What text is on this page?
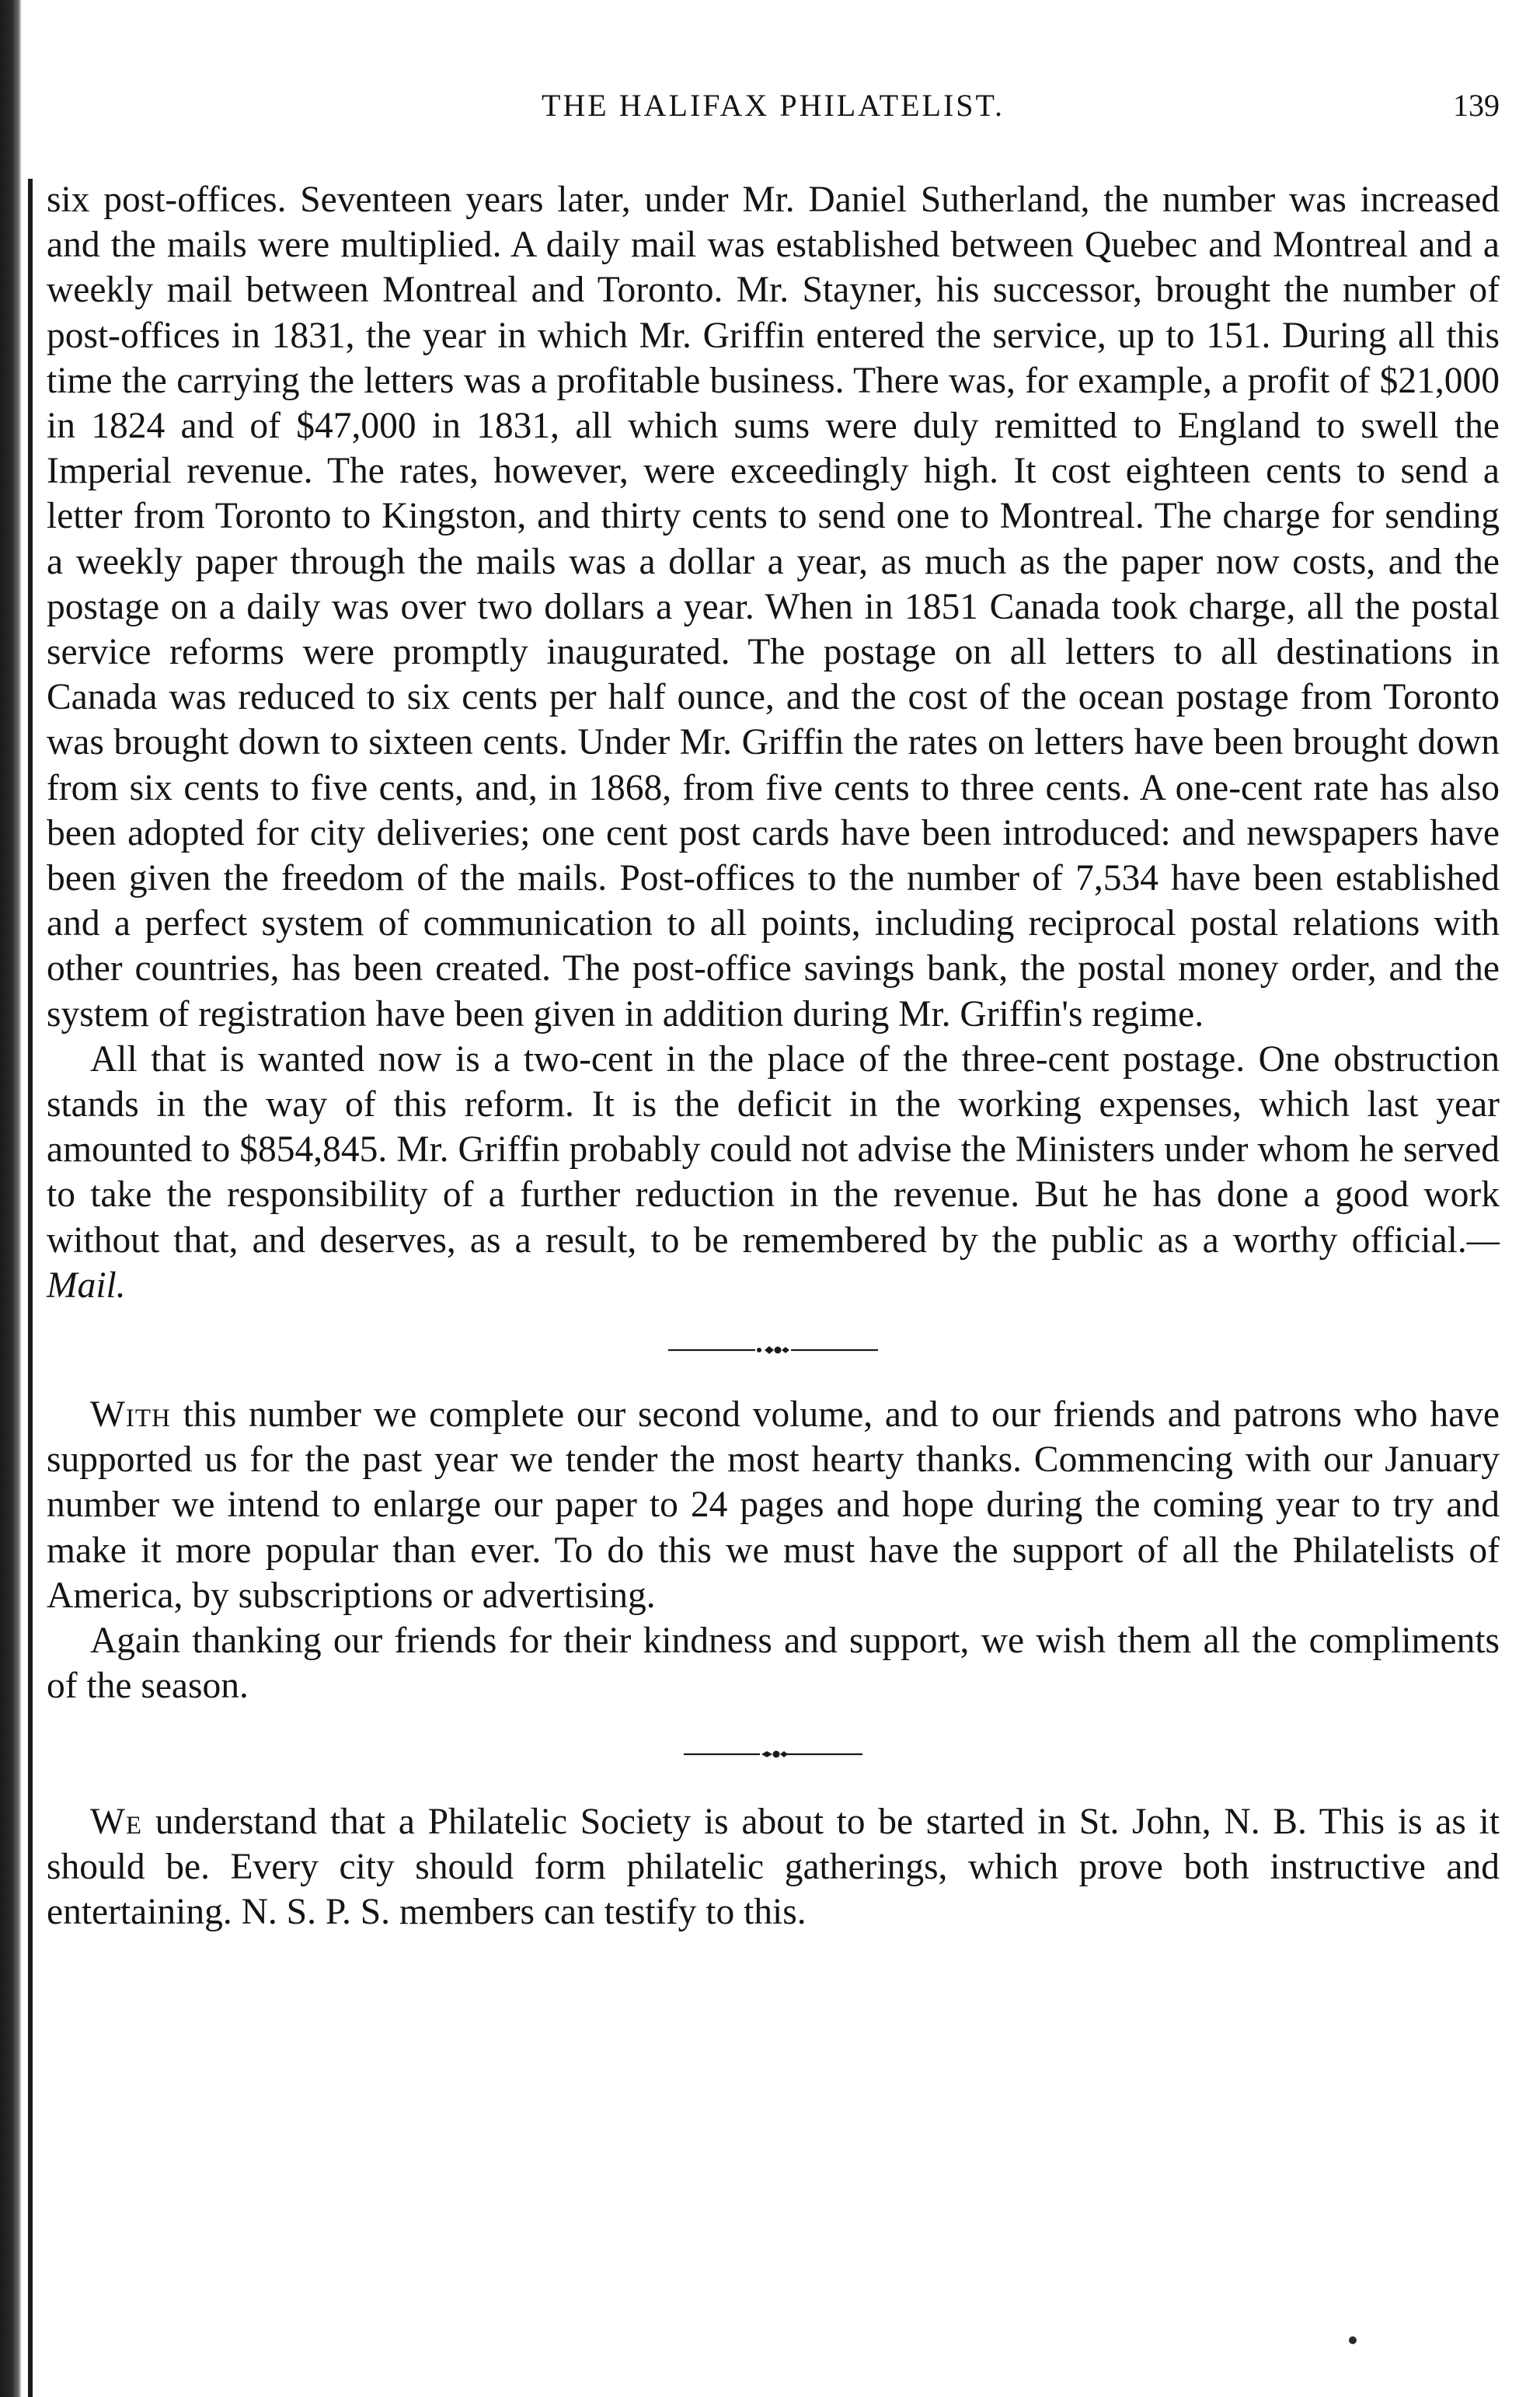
THE HALIFAX PHILATELIST.	139

six post-offices. Seventeen years later, under Mr. Daniel Sutherland, the number was increased and the mails were multiplied. A daily mail was established between Quebec and Montreal and a weekly mail between Montreal and Toronto. Mr. Stayner, his successor, brought the number of post-offices in 1831, the year in which Mr. Griffin entered the service, up to 151. During all this time the carrying the letters was a profitable business. There was, for example, a profit of $21,000 in 1824 and of $47,000 in 1831, all which sums were duly remitted to England to swell the Imperial revenue. The rates, however, were exceedingly high. It cost eighteen cents to send a letter from Toronto to Kingston, and thirty cents to send one to Montreal. The charge for sending a weekly paper through the mails was a dollar a year, as much as the paper now costs, and the postage on a daily was over two dollars a year. When in 1851 Canada took charge, all the postal service reforms were promptly inaugurated. The postage on all letters to all destinations in Canada was reduced to six cents per half ounce, and the cost of the ocean postage from Toronto was brought down to sixteen cents. Under Mr. Griffin the rates on letters have been brought down from six cents to five cents, and, in 1868, from five cents to three cents. A one-cent rate has also been adopted for city deliveries; one cent post cards have been introduced: and newspapers have been given the freedom of the mails. Post-offices to the number of 7,534 have been established and a perfect system of communication to all points, including reciprocal postal relations with other countries, has been created. The post-office savings bank, the postal money order, and the system of registration have been given in addition during Mr. Griffin's regime.

All that is wanted now is a two-cent in the place of the three-cent postage. One obstruction stands in the way of this reform. It is the deficit in the working expenses, which last year amounted to $854,845. Mr. Griffin probably could not advise the Ministers under whom he served to take the responsibility of a further reduction in the revenue. But he has done a good work without that, and deserves, as a result, to be remembered by the public as a worthy official.—Mail.

With this number we complete our second volume, and to our friends and patrons who have supported us for the past year we tender the most hearty thanks. Commencing with our January number we intend to enlarge our paper to 24 pages and hope during the coming year to try and make it more popular than ever. To do this we must have the support of all the Philatelists of America, by subscriptions or advertising.

Again thanking our friends for their kindness and support, we wish them all the compliments of the season.

We understand that a Philatelic Society is about to be started in St. John, N. B. This is as it should be. Every city should form philatelic gatherings, which prove both instructive and entertaining. N. S. P. S. members can testify to this.
